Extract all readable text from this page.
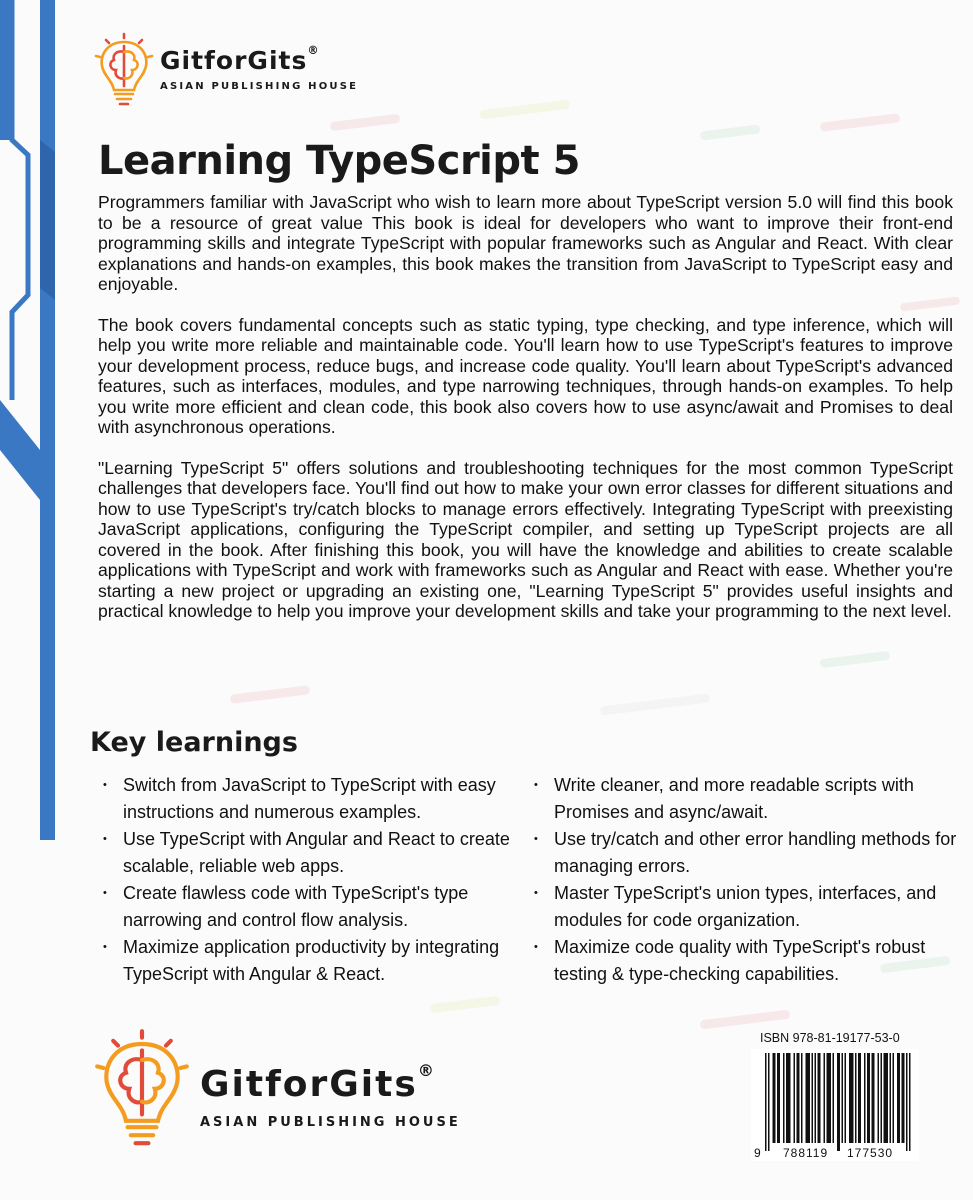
GitforGits®
ASIAN PUBLISHING HOUSE
Learning TypeScript 5

Programmers familiar with JavaScript who wish to learn more about TypeScript version 5.0 will find this book to be a resource of great value This book is ideal for developers who want to improve their front-end programming skills and integrate TypeScript with popular frameworks such as Angular and React. With clear explanations and hands-on examples, this book makes the transition from JavaScript to TypeScript easy and enjoyable.

The book covers fundamental concepts such as static typing, type checking, and type inference, which will help you write more reliable and maintainable code. You'll learn how to use TypeScript's features to improve your development process, reduce bugs, and increase code quality. You'll learn about TypeScript's advanced features, such as interfaces, modules, and type narrowing techniques, through hands-on examples. To help you write more efficient and clean code, this book also covers how to use async/await and Promises to deal with asynchronous operations.

"Learning TypeScript 5" offers solutions and troubleshooting techniques for the most common TypeScript challenges that developers face. You'll find out how to make your own error classes for different situations and how to use TypeScript's try/catch blocks to manage errors effectively. Integrating TypeScript with preexisting JavaScript applications, configuring the TypeScript compiler, and setting up TypeScript projects are all covered in the book. After finishing this book, you will have the knowledge and abilities to create scalable applications with TypeScript and work with frameworks such as Angular and React with ease. Whether you're starting a new project or upgrading an existing one, "Learning TypeScript 5" provides useful insights and practical knowledge to help you improve your development skills and take your programming to the next level.

Key learnings
• Switch from JavaScript to TypeScript with easy instructions and numerous examples.
• Use TypeScript with Angular and React to create scalable, reliable web apps.
• Create flawless code with TypeScript's type narrowing and control flow analysis.
• Maximize application productivity by integrating TypeScript with Angular & React.
• Write cleaner, and more readable scripts with Promises and async/await.
• Use try/catch and other error handling methods for managing errors.
• Master TypeScript's union types, interfaces, and modules for code organization.
• Maximize code quality with TypeScript's robust testing & type-checking capabilities.
GitforGits®
ASIAN PUBLISHING HOUSE
ISBN 978-81-19177-53-0
9 788119 177530
